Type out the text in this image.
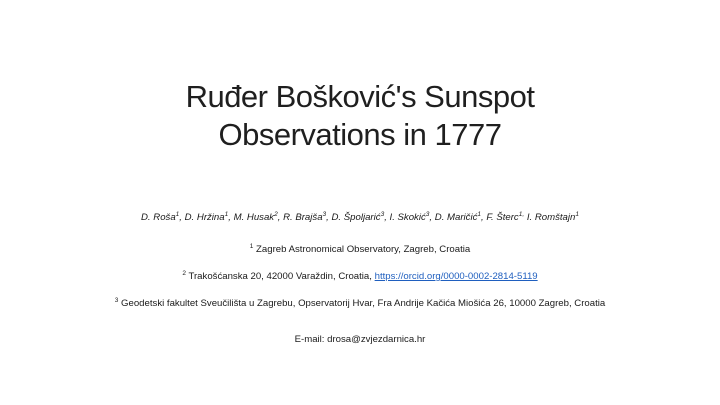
Ruđer Bošković's Sunspot
Observations in 1777
D. Roša$^1$, D. Hržina$^1$, M. Husak$^2$, R. Brajša$^3$, D. Špoljarić$^3$, I. Skokić$^3$, D. Maričić$^1$, F. Šterc$^{1,}$ I. Romštajn$^1$
$^1$ Zagreb Astronomical Observatory, Zagreb, Croatia
$^2$ Trakošćanska 20, 42000 Varaždin, Croatia, https://orcid.org/0000-0002-2814-5119
$^3$ Geodetski fakultet Sveučilišta u Zagrebu, Opservatorij Hvar, Fra Andrije Kačića Miošića 26, 10000 Zagreb, Croatia
E-mail: drosa@zvjezdarnica.hr
